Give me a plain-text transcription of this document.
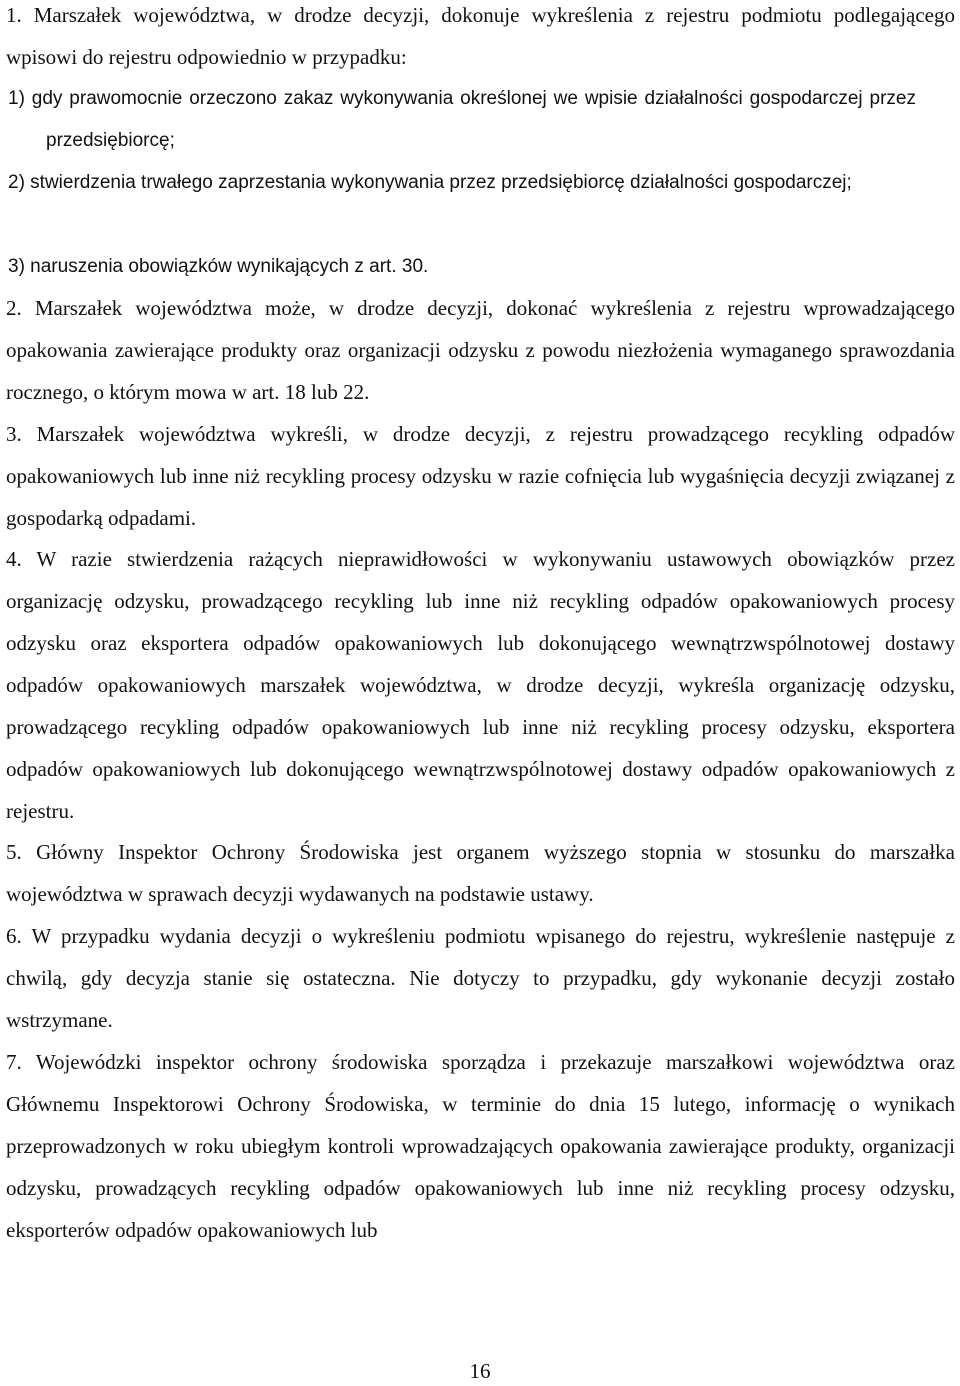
1. Marszałek województwa, w drodze decyzji, dokonuje wykreślenia z rejestru podmiotu podlegającego wpisowi do rejestru odpowiednio w przypadku:

1) gdy prawomocnie orzeczono zakaz wykonywania określonej we wpisie działalności gospodarczej przez przedsiębiorcę;

2) stwierdzenia trwałego zaprzestania wykonywania przez przedsiębiorcę działalności gospodarczej;

3) naruszenia obowiązków wynikających z art. 30.

2. Marszałek województwa może, w drodze decyzji, dokonać wykreślenia z rejestru wprowadzającego opakowania zawierające produkty oraz organizacji odzysku z powodu niezłożenia wymaganego sprawozdania rocznego, o którym mowa w art. 18 lub 22.

3. Marszałek województwa wykreśli, w drodze decyzji, z rejestru prowadzącego recykling odpadów opakowaniowych lub inne niż recykling procesy odzysku w razie cofnięcia lub wygaśnięcia decyzji związanej z gospodarką odpadami.

4. W razie stwierdzenia rażących nieprawidłowości w wykonywaniu ustawowych obowiązków przez organizację odzysku, prowadzącego recykling lub inne niż recykling odpadów opakowaniowych procesy odzysku oraz eksportera odpadów opakowaniowych lub dokonującego wewnątrzwspólnotowej dostawy odpadów opakowaniowych marszałek województwa, w drodze decyzji, wykreśla organizację odzysku, prowadzącego recykling odpadów opakowaniowych lub inne niż recykling procesy odzysku, eksportera odpadów opakowaniowych lub dokonującego wewnątrzwspólnotowej dostawy odpadów opakowaniowych z rejestru.

5. Główny Inspektor Ochrony Środowiska jest organem wyższego stopnia w stosunku do marszałka województwa w sprawach decyzji wydawanych na podstawie ustawy.

6. W przypadku wydania decyzji o wykreśleniu podmiotu wpisanego do rejestru, wykreślenie następuje z chwilą, gdy decyzja stanie się ostateczna. Nie dotyczy to przypadku, gdy wykonanie decyzji zostało wstrzymane.

7. Wojewódzki inspektor ochrony środowiska sporządza i przekazuje marszałkowi województwa oraz Głównemu Inspektorowi Ochrony Środowiska, w terminie do dnia 15 lutego, informację o wynikach przeprowadzonych w roku ubiegłym kontroli wprowadzających opakowania zawierające produkty, organizacji odzysku, prowadzących recykling odpadów opakowaniowych lub inne niż recykling procesy odzysku, eksporterów odpadów opakowaniowych lub

16
